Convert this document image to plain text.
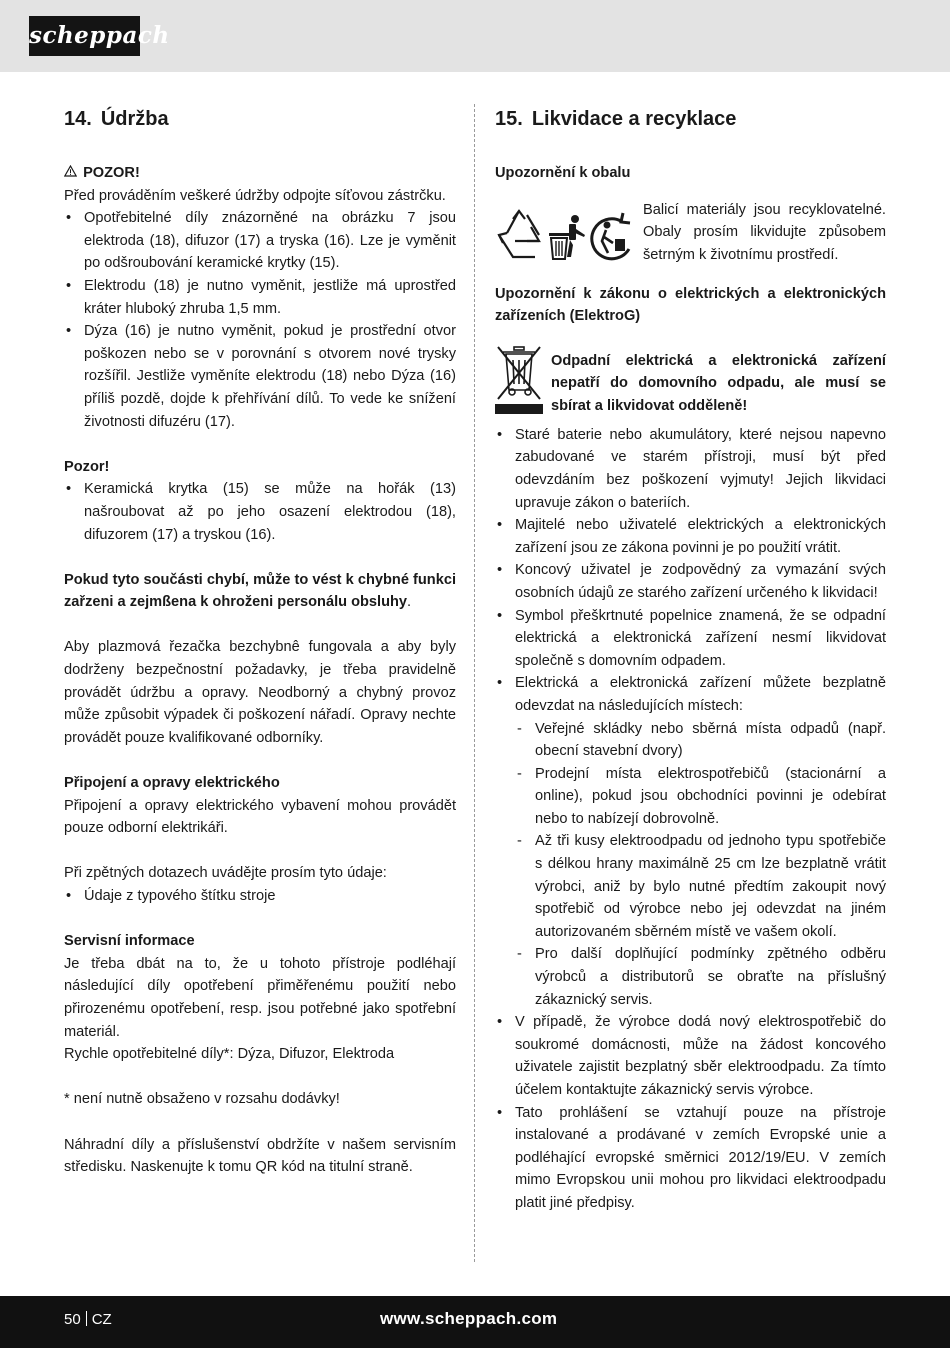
scheppach
14. Údržba

POZOR!

Před prováděním veškeré údržby odpojte síťovou zástrčku.

• Opotřebitelné díly znázorněné na obrázku 7 jsou elektroda (18), difuzor (17) a tryska (16). Lze je vyměnit po odšroubování keramické krytky (15).
• Elektrodu (18) je nutno vyměnit, jestliže má uprostřed kráter hluboký zhruba 1,5 mm.
• Dýza (16) je nutno vyměnit, pokud je prostřední otvor poškozen nebo se v porovnání s otvorem nové trysky rozšířil. Jestliže vyměníte elektrodu (18) nebo Dýza (16) příliš pozdě, dojde k přehřívání dílů. To vede ke snížení životnosti difuzéru (17).

Pozor!

• Keramická krytka (15) se může na hořák (13) našroubovat až po jeho osazení elektrodou (18), difuzorem (17) a tryskou (16).

Pokud tyto součásti chybí, může to vést k chybné funkci zařzeni a zejmßena k ohroženi personálu obsluhy.

Aby plazmová řezačka bezchybnê fungovala a aby byly dodrženy bezpečnostní požadavky, je třeba pravidelně provádět údržbu a opravy. Neodborný a chybný provoz může způsobit výpadek či poškození nářadí. Opravy nechte provádět pouze kvalifikované odborníky.

Připojení a opravy elektrického

Připojení a opravy elektrického vybavení mohou provádět pouze odborní elektrikáři.

Při zpětných dotazech uvádějte prosím tyto údaje:

• Údaje z typového štítku stroje

Servisní informace

Je třeba dbát na to, že u tohoto přístroje podléhají následující díly opotřebení přiměřenému použití nebo přirozenému opotřebení, resp. jsou potřebné jako spotřební materiál.

Rychle opotřebitelné díly*: Dýza, Difuzor, Elektroda

* není nutně obsaženo v rozsahu dodávky!

Náhradní díly a příslušenství obdržíte v našem servisním středisku. Naskenujte k tomu QR kód na titulní straně.

15. Likvidace a recyklace

Upozornění k obalu

Balicí materiály jsou recyklovatelné. Obaly prosím likvidujte způsobem šetrným k životnímu prostředí.

Upozornění k zákonu o elektrických a elektronických zařízeních (ElektroG)

Odpadní elektrická a elektronická zařízení nepatří do domovního odpadu, ale musí se sbírat a likvidovat odděleně!

• Staré baterie nebo akumulátory, které nejsou napevno zabudované ve starém přístroji, musí být před odevzdáním bez poškození vyjmuty! Jejich likvidaci upravuje zákon o bateriích.
• Majitelé nebo uživatelé elektrických a elektronických zařízení jsou ze zákona povinni je po použití vrátit.
• Koncový uživatel je zodpovědný za vymazání svých osobních údajů ze starého zařízení určeného k likvidaci!
• Symbol přeškrtnuté popelnice znamená, že se odpadní elektrická a elektronická zařízení nesmí likvidovat společně s domovním odpadem.
• Elektrická a elektronická zařízení můžete bezplatně odevzdat na následujících místech:
- Veřejné skládky nebo sběrná místa odpadů (např. obecní stavební dvory)
- Prodejní místa elektrospotřebičů (stacionární a online), pokud jsou obchodníci povinni je odebírat nebo to nabízejí dobrovolně.
- Až tři kusy elektroodpadu od jednoho typu spotřebiče s délkou hrany maximálně 25 cm lze bezplatně vrátit výrobci, aniž by bylo nutné předtím zakoupit nový spotřebič od výrobce nebo jej odevzdat na jiném autorizovaném sběrném místě ve vašem okolí.
- Pro další doplňující podmínky zpětného odběru výrobců a distributorů se obraťte na příslušný zákaznický servis.
• V případě, že výrobce dodá nový elektrospotřebič do soukromé domácnosti, může na žádost koncového uživatele zajistit bezplatný sběr elektroodpadu. Za tímto účelem kontaktujte zákaznický servis výrobce.
• Tato prohlášení se vztahují pouze na přístroje instalované a prodávané v zemích Evropské unie a podléhající evropské směrnici 2012/19/EU. V zemích mimo Evropskou unii mohou pro likvidaci elektroodpadu platit jiné předpisy.
50 CZ	www.scheppach.com
